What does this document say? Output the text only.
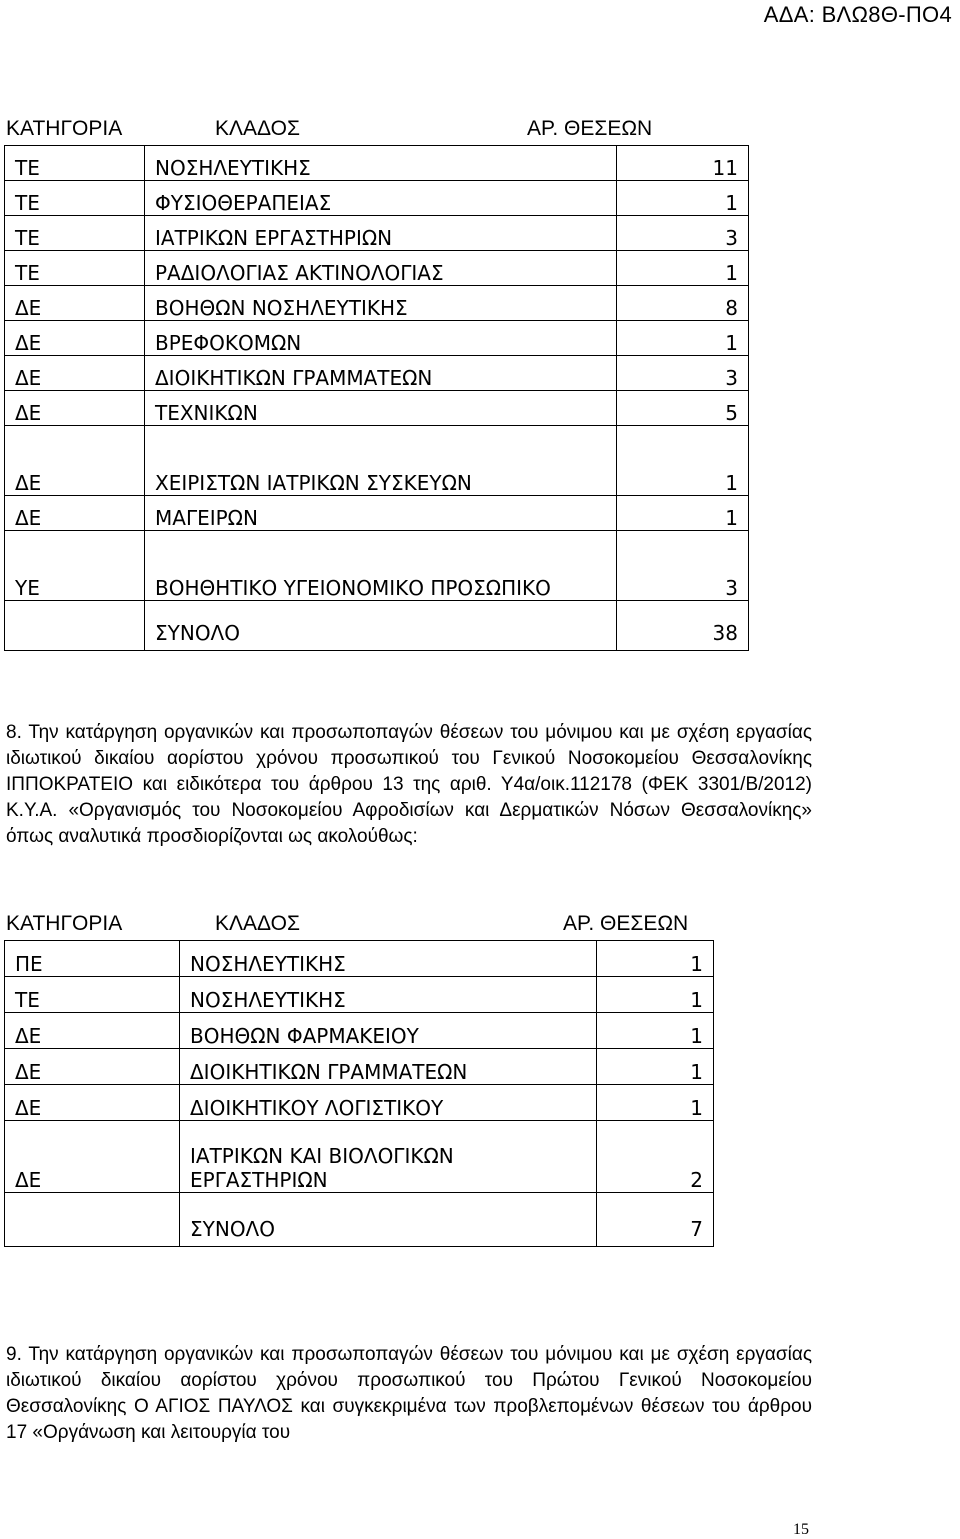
ΑΔΑ: ΒΛΩ8Θ-ΠΟ4
ΚΑΤΗΓΟΡΙΑ	ΚΛΑΔΟΣ	ΑΡ. ΘΕΣΕΩΝ
ΤΕ	ΝΟΣΗΛΕΥΤΙΚΗΣ	11
ΤΕ	ΦΥΣΙΟΘΕΡΑΠΕΙΑΣ	1
ΤΕ	ΙΑΤΡΙΚΩΝ ΕΡΓΑΣΤΗΡΙΩΝ	3
ΤΕ	ΡΑΔΙΟΛΟΓΙΑΣ ΑΚΤΙΝΟΛΟΓΙΑΣ	1
ΔΕ	ΒΟΗΘΩΝ ΝΟΣΗΛΕΥΤΙΚΗΣ	8
ΔΕ	ΒΡΕΦΟΚΟΜΩΝ	1
ΔΕ	ΔΙΟΙΚΗΤΙΚΩΝ ΓΡΑΜΜΑΤΕΩΝ	3
ΔΕ	ΤΕΧΝΙΚΩΝ	5
ΔΕ	ΧΕΙΡΙΣΤΩΝ ΙΑΤΡΙΚΩΝ ΣΥΣΚΕΥΩΝ	1
ΔΕ	ΜΑΓΕΙΡΩΝ	1
ΥΕ	ΒΟΗΘΗΤΙΚΟ ΥΓΕΙΟΝΟΜΙΚΟ ΠΡΟΣΩΠΙΚΟ	3

	ΣΥΝΟΛΟ	38
8. Την κατάργηση οργανικών και προσωποπαγών θέσεων του μόνιμου και με σχέση εργασίας ιδιωτικού δικαίου αορίστου χρόνου προσωπικού του Γενικού Νοσοκομείου Θεσσαλονίκης ΙΠΠΟΚΡΑΤΕΙΟ και ειδικότερα του άρθρου 13 της αριθ. Υ4α/οικ.112178 (ΦΕΚ 3301/Β/2012) Κ.Υ.Α. «Οργανισμός του Νοσοκομείου Αφροδισίων και Δερματικών Νόσων Θεσσαλονίκης» όπως αναλυτικά προσδιορίζονται ως ακολούθως:
ΚΑΤΗΓΟΡΙΑ	ΚΛΑΔΟΣ	ΑΡ. ΘΕΣΕΩΝ
ΠΕ	ΝΟΣΗΛΕΥΤΙΚΗΣ	1
ΤΕ	ΝΟΣΗΛΕΥΤΙΚΗΣ	1
ΔΕ	ΒΟΗΘΩΝ ΦΑΡΜΑΚΕΙΟΥ	1
ΔΕ	ΔΙΟΙΚΗΤΙΚΩΝ ΓΡΑΜΜΑΤΕΩΝ	1
ΔΕ	ΔΙΟΙΚΗΤΙΚΟΥ ΛΟΓΙΣΤΙΚΟΥ	1
ΔΕ	ΙΑΤΡΙΚΩΝ ΚΑΙ ΒΙΟΛΟΓΙΚΩΝ ΕΡΓΑΣΤΗΡΙΩΝ	2

	ΣΥΝΟΛΟ	7
9. Την κατάργηση οργανικών και προσωποπαγών θέσεων του μόνιμου και με σχέση εργασίας ιδιωτικού δικαίου αορίστου χρόνου προσωπικού του Πρώτου Γενικού Νοσοκομείου Θεσσαλονίκης Ο ΑΓΙΟΣ ΠΑΥΛΟΣ και συγκεκριμένα των προβλεπομένων θέσεων του άρθρου 17 «Οργάνωση και λειτουργία του
15
